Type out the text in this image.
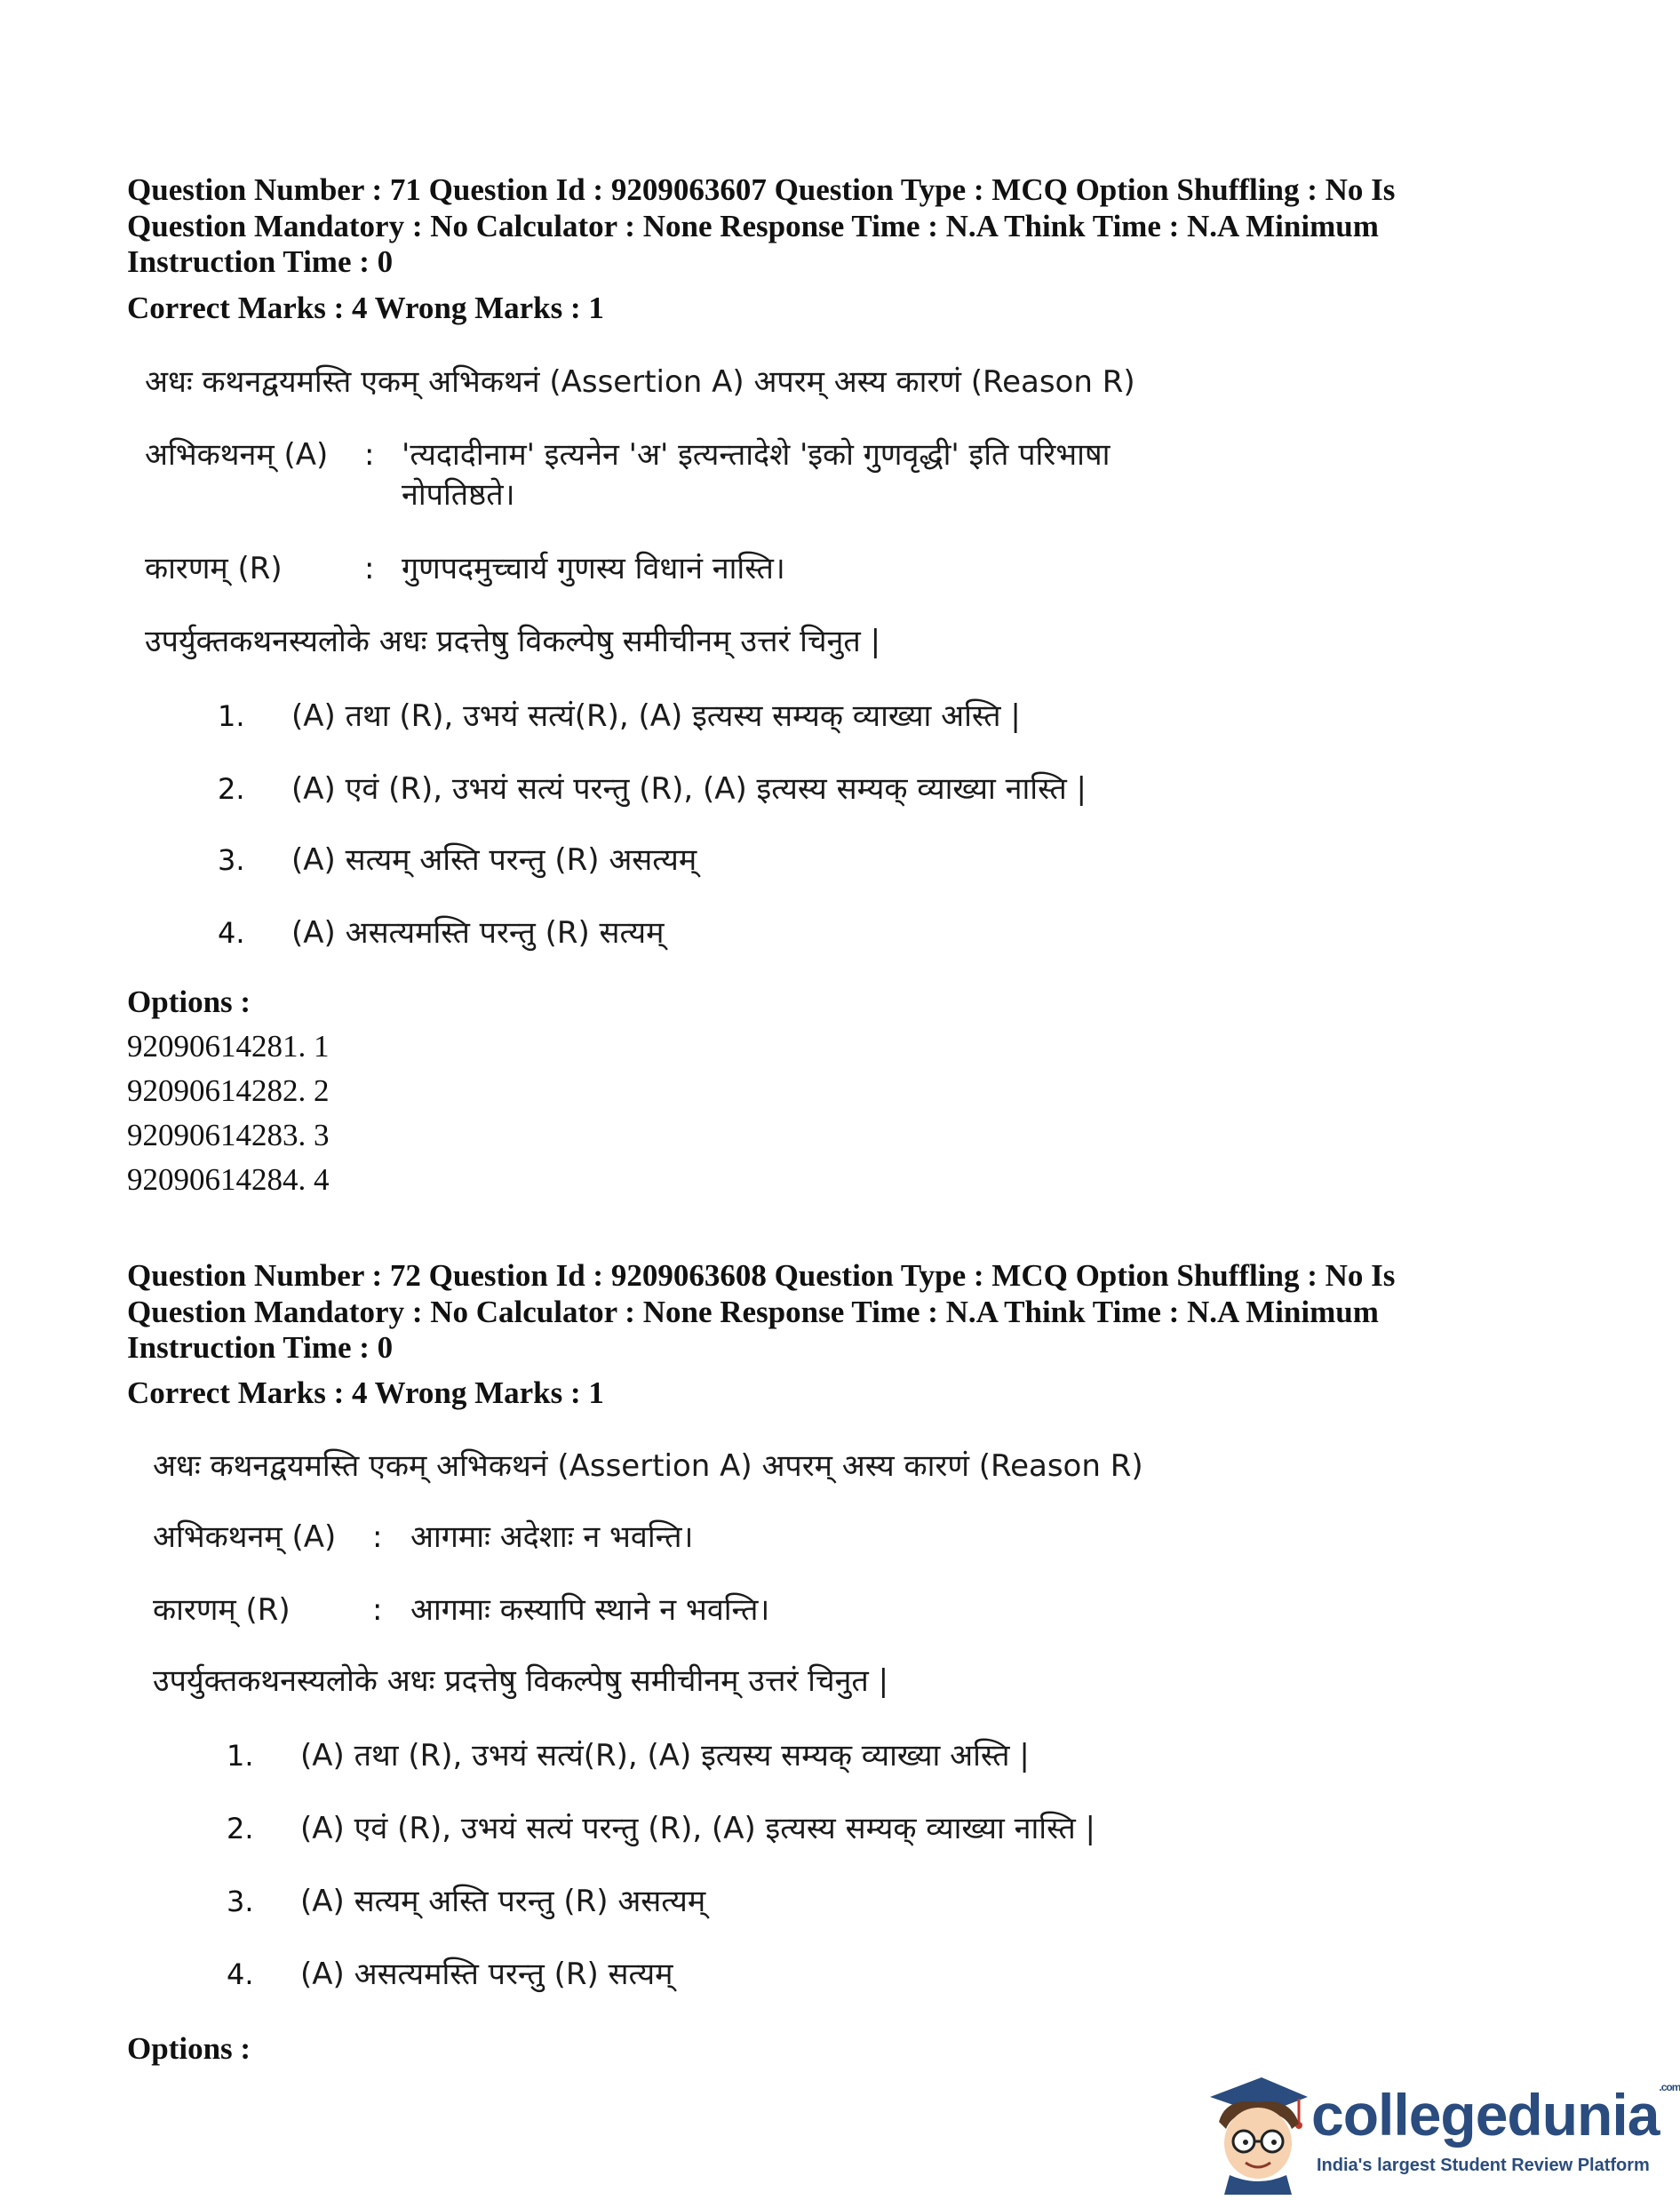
Question Number : 71 Question Id : 9209063607 Question Type : MCQ Option Shuffling : No Is Question Mandatory : No Calculator : None Response Time : N.A Think Time : N.A Minimum Instruction Time : 0
Correct Marks : 4 Wrong Marks : 1
अधः कथनद्वयमस्ति एकम् अभिकथनं (Assertion A) अपरम् अस्य कारणं (Reason R)
अभिकथनम् (A) : 'त्यदादीनाम' इत्यनेन 'अ' इत्यन्तादेशे 'इको गुणवृद्धी' इति परिभाषा
नोपतिष्ठते।
कारणम् (R)	: गुणपदमुच्चार्य गुणस्य विधानं नास्ति।
उपर्युक्तकथनस्यलोके अधः प्रदत्तेषु विकल्पेषु समीचीनम् उत्तरं चिनुत |
1. (A) तथा (R), उभयं सत्यं(R), (A) इत्यस्य सम्यक् व्याख्या अस्ति |
2. (A) एवं (R), उभयं सत्यं परन्तु (R), (A) इत्यस्य सम्यक् व्याख्या नास्ति |
3. (A) सत्यम् अस्ति परन्तु (R) असत्यम्
4. (A) असत्यमस्ति परन्तु (R) सत्यम्
Options :
92090614281. 1
92090614282. 2
92090614283. 3
92090614284. 4
Question Number : 72 Question Id : 9209063608 Question Type : MCQ Option Shuffling : No Is Question Mandatory : No Calculator : None Response Time : N.A Think Time : N.A Minimum Instruction Time : 0
Correct Marks : 4 Wrong Marks : 1
अधः कथनद्वयमस्ति एकम् अभिकथनं (Assertion A) अपरम् अस्य कारणं (Reason R)
अभिकथनम् (A) : आगमाः अदेशाः न भवन्ति।
कारणम् (R)	: आगमाः कस्यापि स्थाने न भवन्ति।
उपर्युक्तकथनस्यलोके अधः प्रदत्तेषु विकल्पेषु समीचीनम् उत्तरं चिनुत |
1. (A) तथा (R), उभयं सत्यं(R), (A) इत्यस्य सम्यक् व्याख्या अस्ति |
2. (A) एवं (R), उभयं सत्यं परन्तु (R), (A) इत्यस्य सम्यक् व्याख्या नास्ति |
3. (A) सत्यम् अस्ति परन्तु (R) असत्यम्
4. (A) असत्यमस्ति परन्तु (R) सत्यम्
Options :
collegedunia$^{.com}$
India's largest Student Review Platform
